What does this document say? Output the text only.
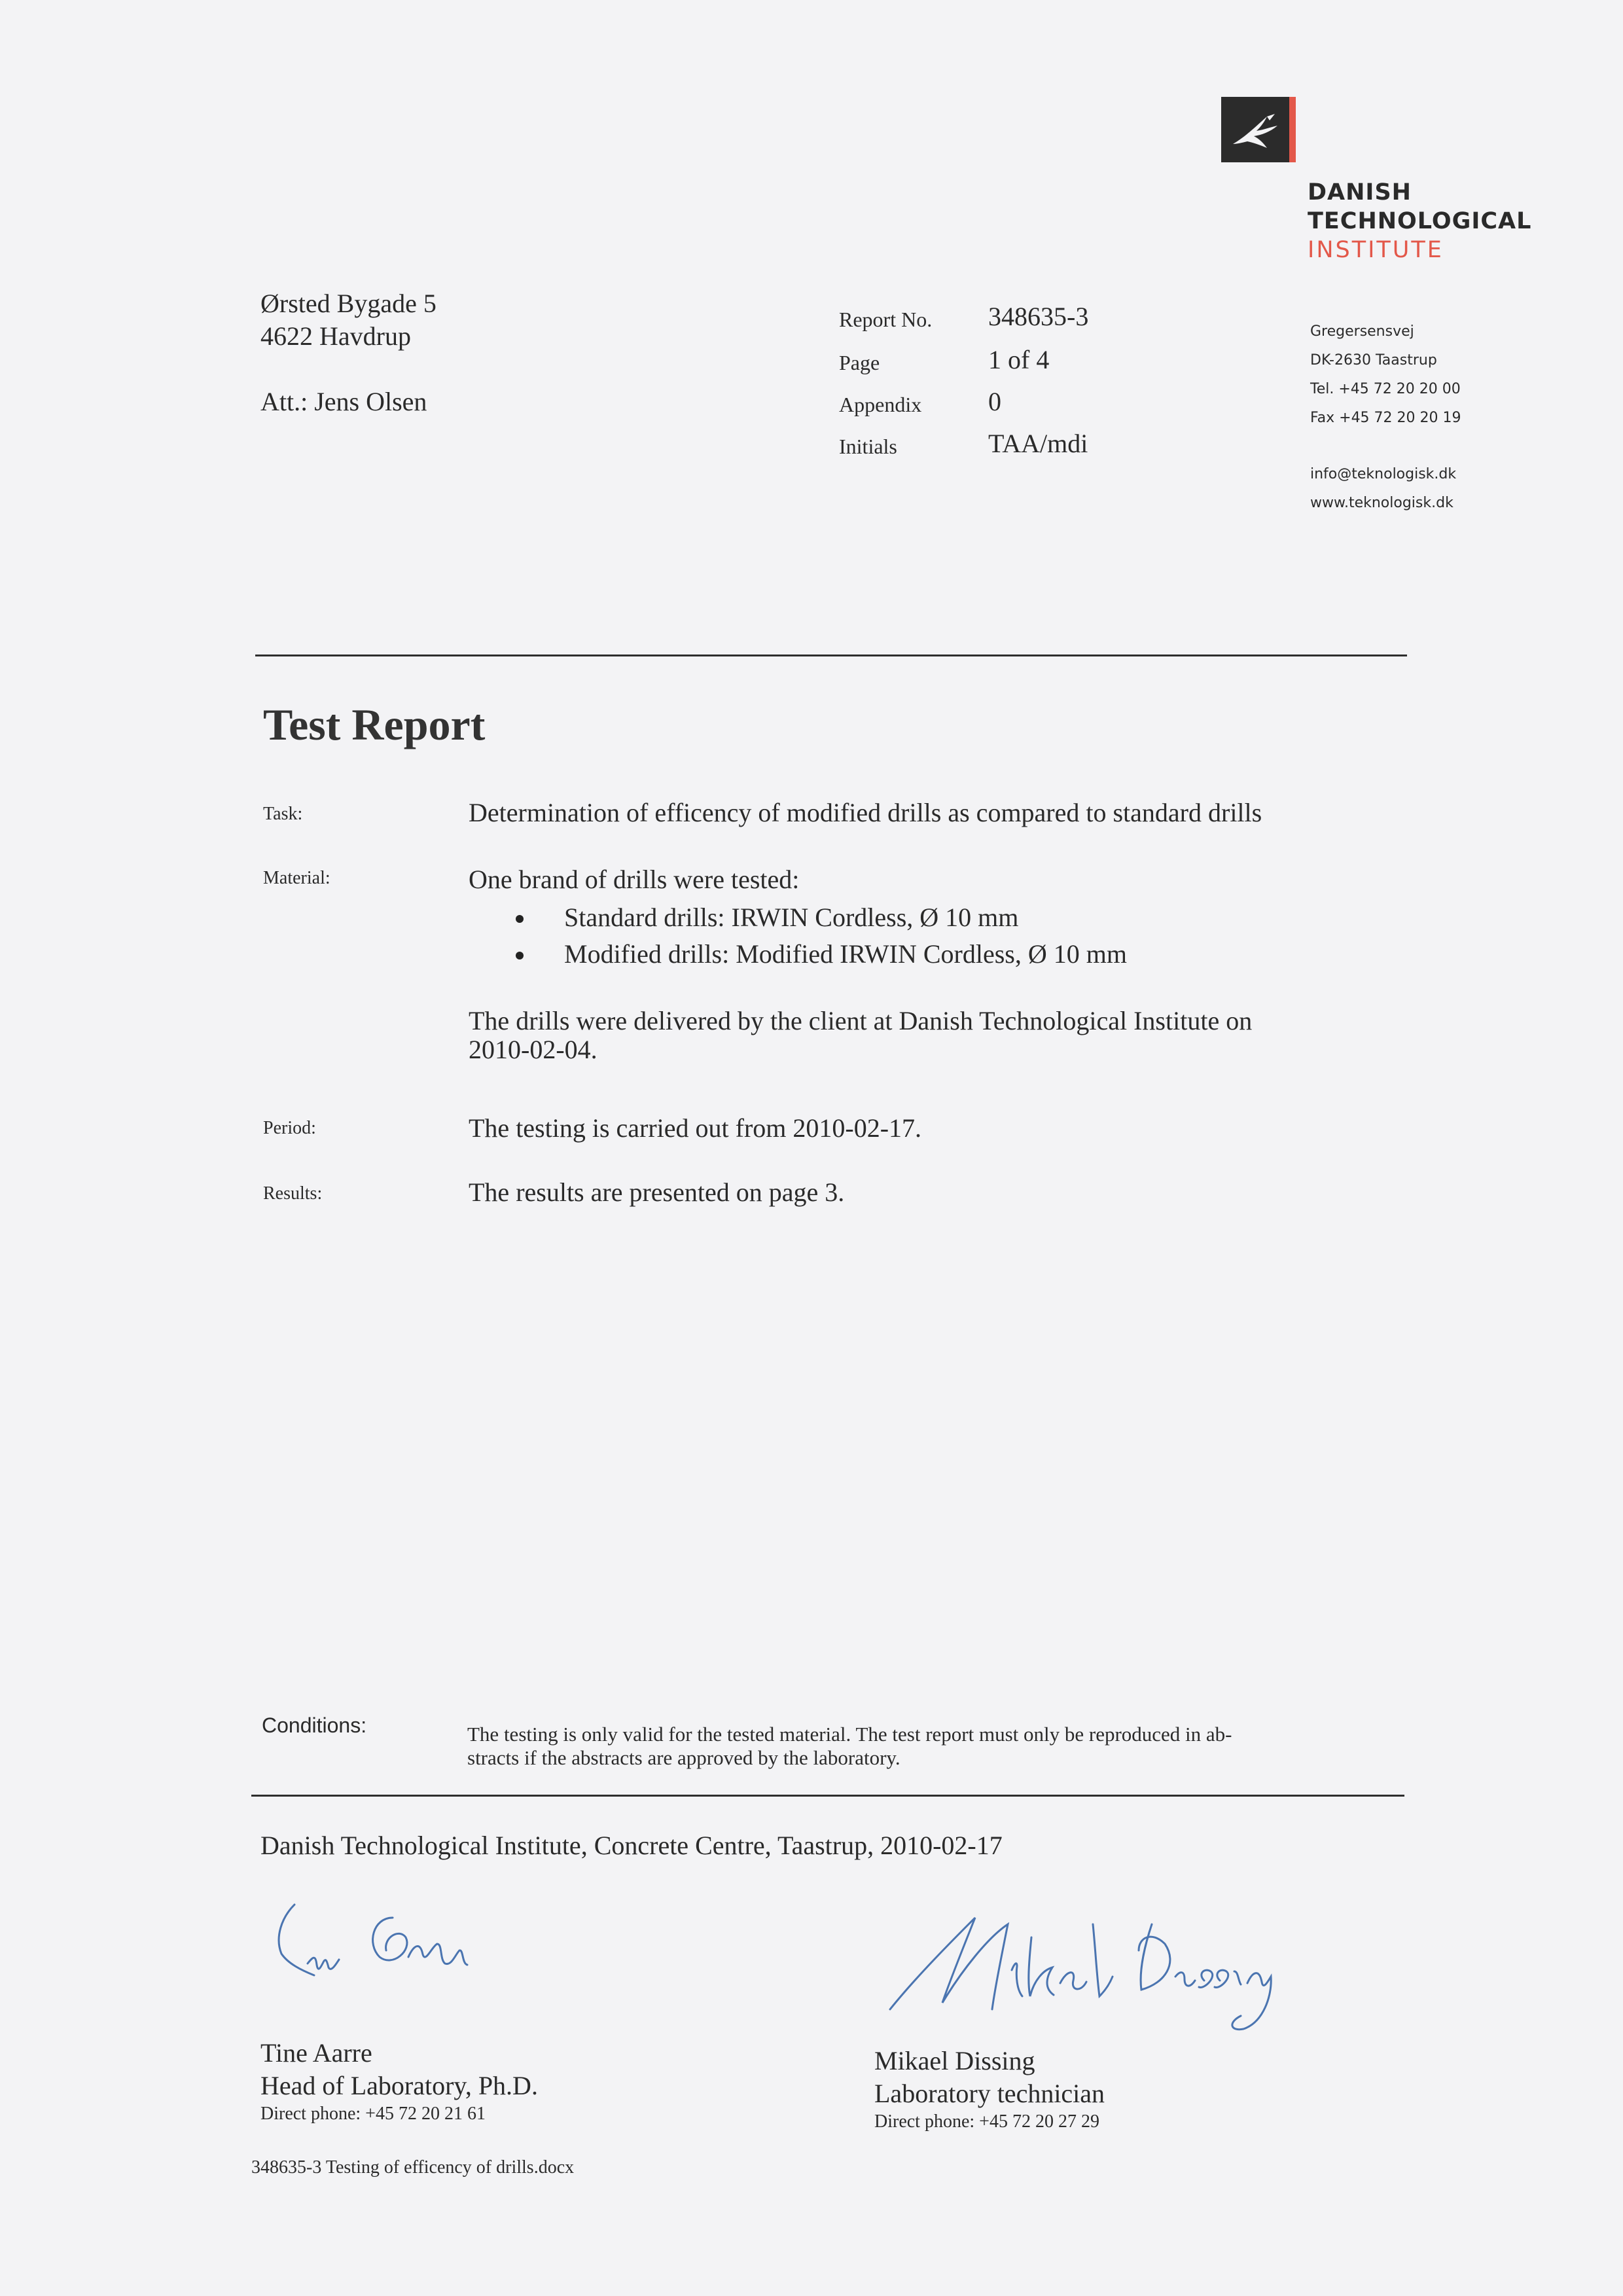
DANISH
TECHNOLOGICAL
INSTITUTE
Gregersensvej
DK-2630 Taastrup
Tel. +45 72 20 20 00
Fax +45 72 20 20 19
info@teknologisk.dk
www.teknologisk.dk
Ørsted Bygade 5
4622 Havdrup
Att.: Jens Olsen
Report No. 348635-3
Page	1 of 4
Appendix	0
Initials	TAA/mdi
Test Report
Task:	Determination of efficency of modified drills as compared to standard drills
Material:	One brand of drills were tested:
Standard drills: IRWIN Cordless, Ø 10 mm
Modified drills: Modified IRWIN Cordless, Ø 10 mm
The drills were delivered by the client at Danish Technological Institute on
2010-02-04.
Period:	The testing is carried out from 2010-02-17.
Results:	The results are presented on page 3.
Conditions:	The testing is only valid for the tested material. The test report must only be reproduced in ab-
stracts if the abstracts are approved by the laboratory.
Danish Technological Institute, Concrete Centre, Taastrup, 2010-02-17
Tine Aarre
Head of Laboratory, Ph.D.
Direct phone: +45 72 20 21 61
Mikael Dissing
Laboratory technician
Direct phone: +45 72 20 27 29
348635-3 Testing of efficency of drills.docx
